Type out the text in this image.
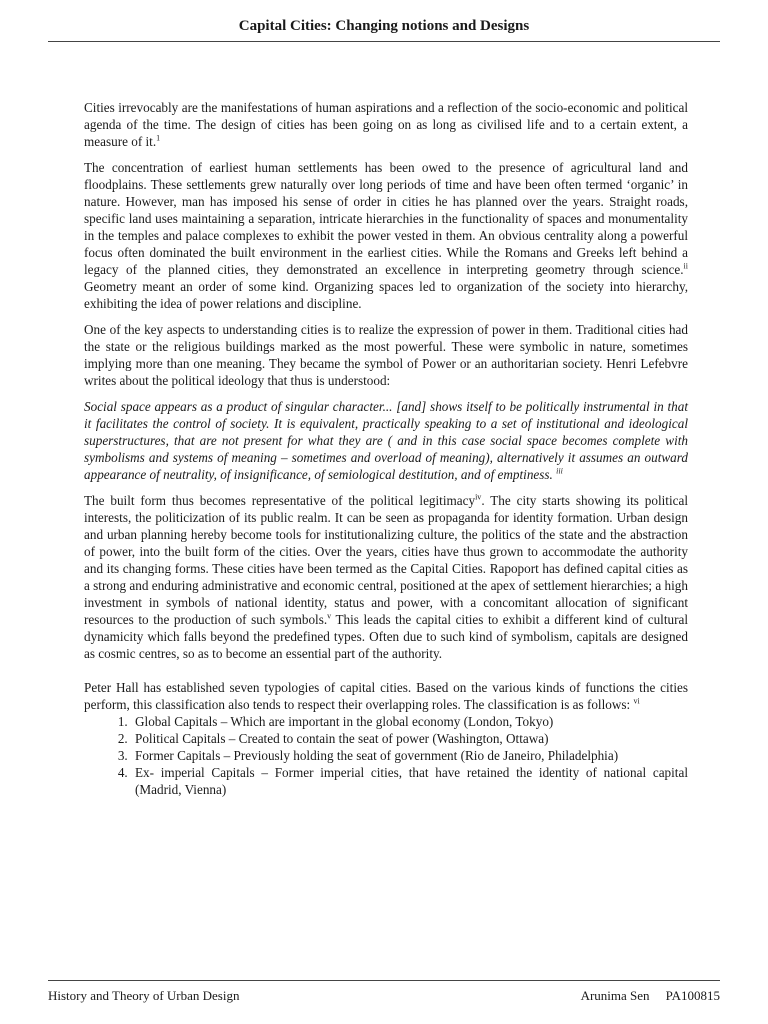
Capital Cities: Changing notions and Designs

Cities irrevocably are the manifestations of human aspirations and a reflection of the socio-economic and political agenda of the time. The design of cities has been going on as long as civilised life and to a certain extent, a measure of it.$^1$

The concentration of earliest human settlements has been owed to the presence of agricultural land and floodplains. These settlements grew naturally over long periods of time and have been often termed ‘organic’ in nature. However, man has imposed his sense of order in cities he has planned over the years. Straight roads, specific land uses maintaining a separation, intricate hierarchies in the functionality of spaces and monumentality in the temples and palace complexes to exhibit the power vested in them. An obvious centrality along a powerful focus often dominated the built environment in the earliest cities. While the Romans and Greeks left behind a legacy of the planned cities, they demonstrated an excellence in interpreting geometry through science.$^{ii}$ Geometry meant an order of some kind. Organizing spaces led to organization of the society into hierarchy, exhibiting the idea of power relations and discipline.

One of the key aspects to understanding cities is to realize the expression of power in them. Traditional cities had the state or the religious buildings marked as the most powerful. These were symbolic in nature, sometimes implying more than one meaning. They became the symbol of Power or an authoritarian society. Henri Lefebvre writes about the political ideology that thus is understood:

Social space appears as a product of singular character... [and] shows itself to be politically instrumental in that it facilitates the control of society. It is equivalent, practically speaking to a set of institutional and ideological superstructures, that are not present for what they are ( and in this case social space becomes complete with symbolisms and systems of meaning – sometimes and overload of meaning), alternatively it assumes an outward appearance of neutrality, of insignificance, of semiological destitution, and of emptiness. $^{iii}$

The built form thus becomes representative of the political legitimacy$^{iv}$. The city starts showing its political interests, the politicization of its public realm. It can be seen as propaganda for identity formation. Urban design and urban planning hereby become tools for institutionalizing culture, the politics of the state and the abstraction of power, into the built form of the cities. Over the years, cities have thus grown to accommodate the authority and its changing forms. These cities have been termed as the Capital Cities. Rapoport has defined capital cities as a strong and enduring administrative and economic central, positioned at the apex of settlement hierarchies; a high investment in symbols of national identity, status and power, with a concomitant allocation of significant resources to the production of such symbols.$^v$ This leads the capital cities to exhibit a different kind of cultural dynamicity which falls beyond the predefined types. Often due to such kind of symbolism, capitals are designed as cosmic centres, so as to become an essential part of the authority.

Peter Hall has established seven typologies of capital cities. Based on the various kinds of functions the cities perform, this classification also tends to respect their overlapping roles. The classification is as follows: $^{vi}$

1. Global Capitals – Which are important in the global economy (London, Tokyo)
2. Political Capitals – Created to contain the seat of power (Washington, Ottawa)
3. Former Capitals – Previously holding the seat of government (Rio de Janeiro, Philadelphia)
4. Ex- imperial Capitals – Former imperial cities, that have retained the identity of national capital (Madrid, Vienna)
History and Theory of Urban Design	Arunima Sen PA100815
